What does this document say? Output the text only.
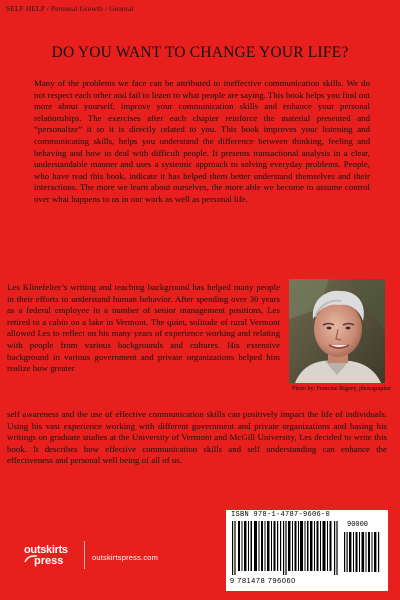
SELF HELP / Personal Growth / General
DO YOU WANT TO CHANGE YOUR LIFE?

Many of the problems we face can be attributed to ineffective communication skills. We do not respect each other and fail to listen to what people are saying. This book helps you find out more about yourself, improve your communication skills and enhance your personal relationships. The exercises after each chapter reinforce the material presented and “personalize” it so it is directly related to you. This book improves your listening and communicating skills, helps you understand the difference between thinking, feeling and behaving and how to deal with difficult people. It presents transactional analysis in a clear, understandable manner and uses a systemic approach to solving everyday problems. People, who have read this book, indicate it has helped them better understand themselves and their interactions. The more we learn about ourselves, the more able we become to assume control over what happens to us in our work as well as personal life.

Les Klinefelter’s writing and teaching background has helped many people in their efforts to understand human behavior. After spending over 30 years as a federal employee in a number of senior management positions, Les retired to a cabin on a lake in Vermont. The quiet, solitude of rural Vermont allowed Les to reflect on his many years of experience working and relating with people from various backgrounds and cultures. His extensive background in various government and private organizations helped him realize how greater

Photo by: Francine Rigney, photographer

self awareness and the use of effective communication skills can positively impact the life of individuals. Using his vast experience working with different government and private organizations and basing his writings on graduate studies at the University of Vermont and McGill University, Les decided to write this book. It describes how effective communication skills and self understanding can enhance the effectiveness and personal well being of all of us.

ISBN 978-1-4787-9606-0
90000
9 781478 796060
outskirts
press	outskirtspress.com
